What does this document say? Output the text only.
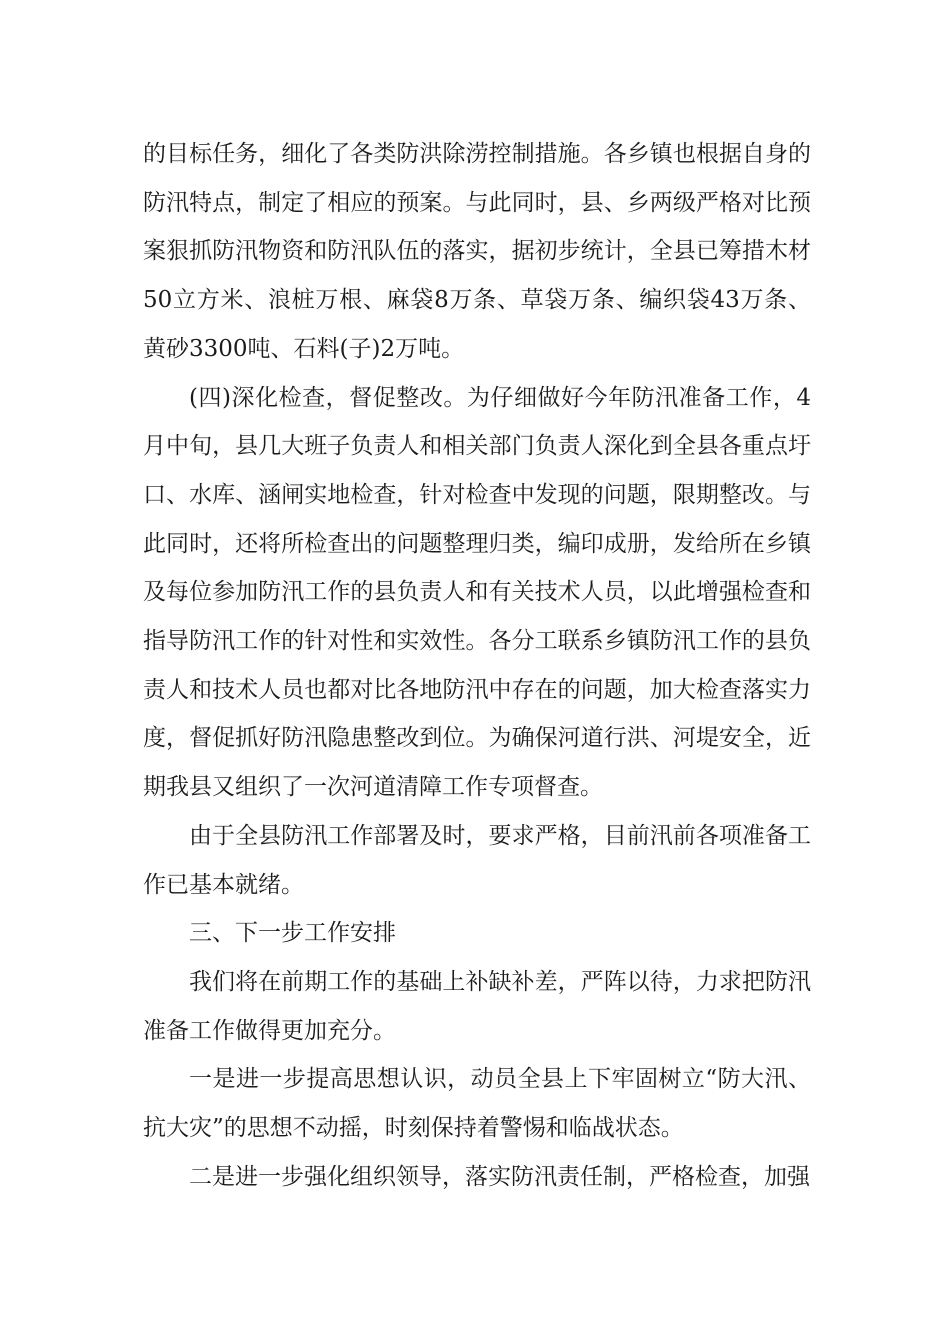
的目标任务，细化了各类防洪除涝控制措施。各乡镇也根据自身的防汛特点，制定了相应的预案。与此同时，县、乡两级严格对比预案狠抓防汛物资和防汛队伍的落实，据初步统计，全县已筹措木材50立方米、浪桩万根、麻袋8万条、草袋万条、编织袋43万条、黄砂3300吨、石料(子)2万吨。

(四)深化检查，督促整改。为仔细做好今年防汛准备工作，4月中旬，县几大班子负责人和相关部门负责人深化到全县各重点圩口、水库、涵闸实地检查，针对检查中发现的问题，限期整改。与此同时，还将所检查出的问题整理归类，编印成册，发给所在乡镇及每位参加防汛工作的县负责人和有关技术人员，以此增强检查和指导防汛工作的针对性和实效性。各分工联系乡镇防汛工作的县负责人和技术人员也都对比各地防汛中存在的问题，加大检查落实力度，督促抓好防汛隐患整改到位。为确保河道行洪、河堤安全，近期我县又组织了一次河道清障工作专项督查。

由于全县防汛工作部署及时，要求严格，目前汛前各项准备工作已基本就绪。

三、下一步工作安排

我们将在前期工作的基础上补缺补差，严阵以待，力求把防汛准备工作做得更加充分。

一是进一步提高思想认识，动员全县上下牢固树立“防大汛、抗大灾”的思想不动摇，时刻保持着警惕和临战状态。

二是进一步强化组织领导，落实防汛责任制，严格检查，加强
